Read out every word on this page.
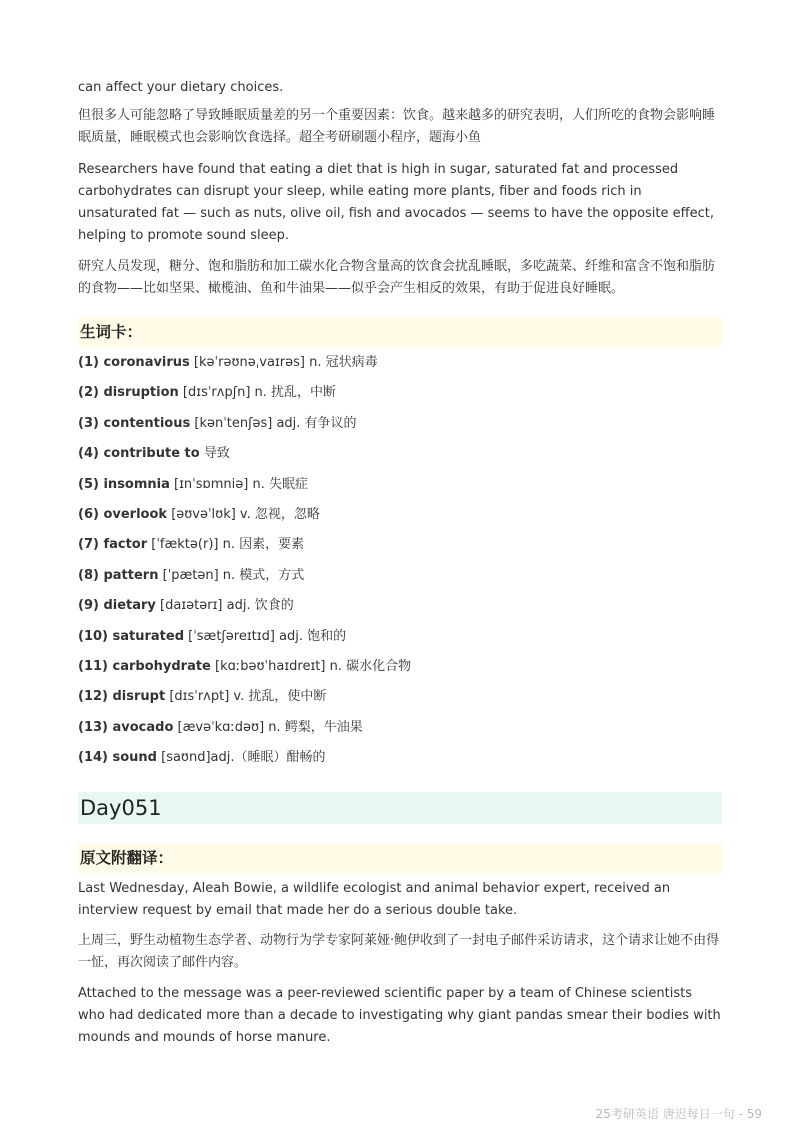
can affect your dietary choices.

但很多人可能忽略了导致睡眠质量差的另一个重要因素：饮食。越来越多的研究表明，人们所吃的食物会影响睡眠质量，睡眠模式也会影响饮食选择。超全考研刷题小程序，题海小鱼

Researchers have found that eating a diet that is high in sugar, saturated fat and processed carbohydrates can disrupt your sleep, while eating more plants, fiber and foods rich in unsaturated fat — such as nuts, olive oil, fish and avocados — seems to have the opposite effect, helping to promote sound sleep.

研究人员发现，糖分、饱和脂肪和加工碳水化合物含量高的饮食会扰乱睡眠，多吃蔬菜、纤维和富含不饱和脂肪的食物——比如坚果、橄榄油、鱼和牛油果——似乎会产生相反的效果，有助于促进良好睡眠。

生词卡：
(1) coronavirus [kəˈrəʊnəˌvaɪrəs] n. 冠状病毒
(2) disruption [dɪsˈrʌpʃn] n. 扰乱，中断
(3) contentious [kənˈtenʃəs] adj. 有争议的
(4) contribute to 导致
(5) insomnia [ɪnˈsɒmniə] n. 失眠症
(6) overlook [əʊvəˈlʊk] v. 忽视，忽略
(7) factor [ˈfæktə(r)] n. 因素，要素
(8) pattern [ˈpætən] n. 模式，方式
(9) dietary [daɪətərɪ] adj. 饮食的
(10) saturated [ˈsætʃəreɪtɪd] adj. 饱和的
(11) carbohydrate [kɑːbəʊˈhaɪdreɪt] n. 碳水化合物
(12) disrupt [dɪsˈrʌpt] v. 扰乱，使中断
(13) avocado [ævəˈkɑːdəʊ] n. 鳄梨，牛油果
(14) sound [saʊnd]adj.（睡眠）酣畅的
Day051
原文附翻译：

Last Wednesday, Aleah Bowie, a wildlife ecologist and animal behavior expert, received an interview request by email that made her do a serious double take.

上周三，野生动植物生态学者、动物行为学专家阿莱娅·鲍伊收到了一封电子邮件采访请求，这个请求让她不由得一怔，再次阅读了邮件内容。

Attached to the message was a peer-reviewed scientific paper by a team of Chinese scientists who had dedicated more than a decade to investigating why giant pandas smear their bodies with mounds and mounds of horse manure.

25考研英语 唐迟每日一句 - 59
